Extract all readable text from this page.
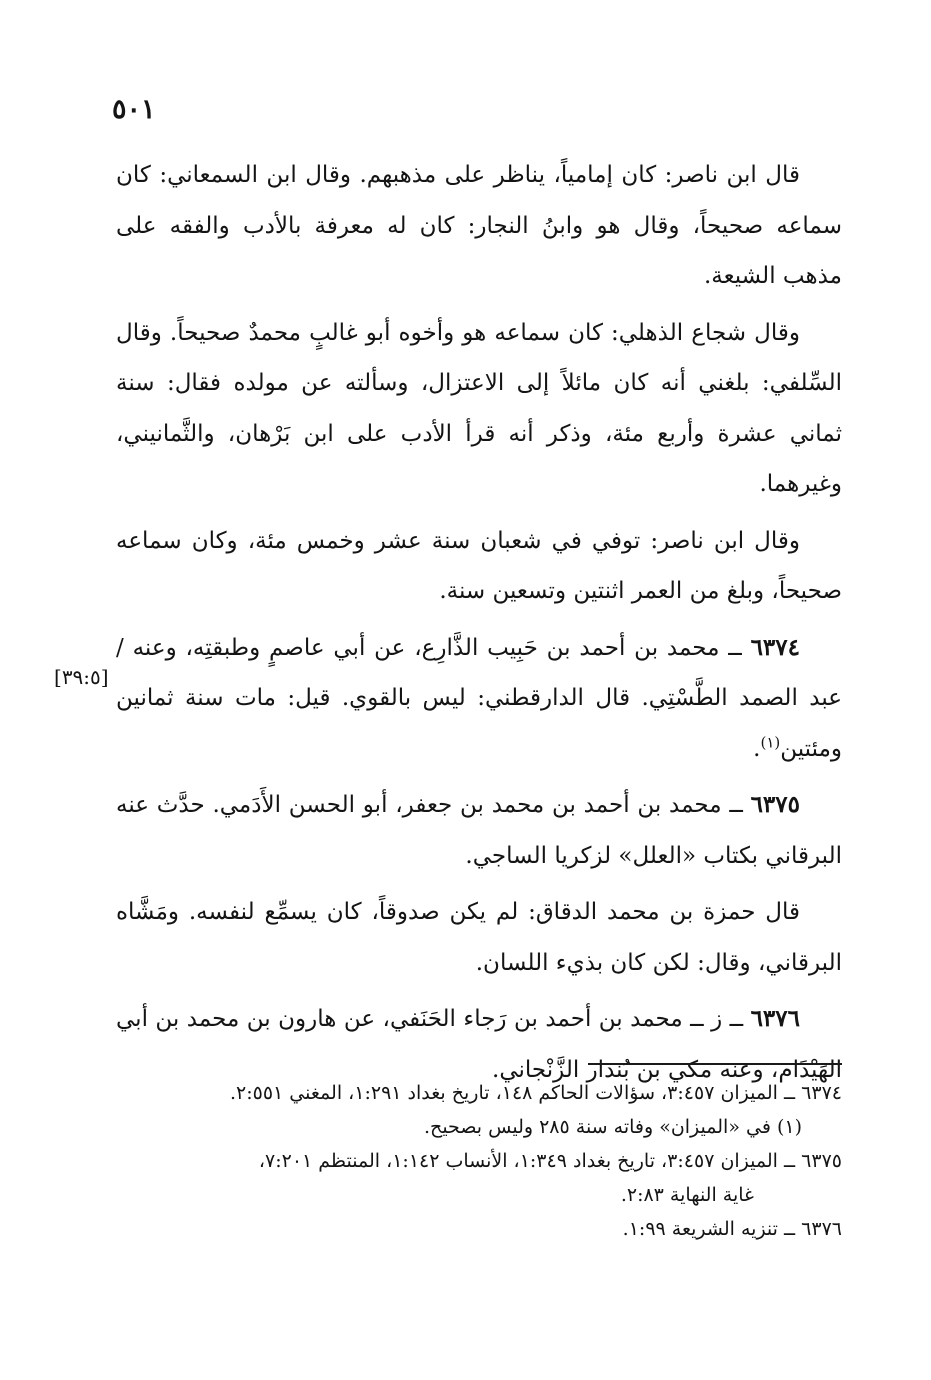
٥٠١

قال ابن ناصر: كان إمامياً، يناظر على مذهبهم. وقال ابن السمعاني: كان سماعه صحيحاً، وقال هو وابنُ النجار: كان له معرفة بالأدب والفقه على مذهب الشيعة.

وقال شجاع الذهلي: كان سماعه هو وأخوه أبو غالبٍ محمدٌ صحيحاً. وقال السِّلفي: بلغني أنه كان مائلاً إلى الاعتزال، وسألته عن مولده فقال: سنة ثماني عشرة وأربع مئة، وذكر أنه قرأ الأدب على ابن بَرْهان، والثَّمانيني، وغيرهما.

وقال ابن ناصر: توفي في شعبان سنة عشر وخمس مئة، وكان سماعه صحيحاً، وبلغ من العمر اثنتين وتسعين سنة.

٦٣٧٤ ــ محمد بن أحمد بن حَبِيب الذَّارِع، عن أبي عاصمٍ وطبقتِه، وعنه / عبد الصمد الطَّسْتِي. قال الدارقطني: ليس بالقوي. قيل: مات سنة ثمانين ومئتين$^{(١)}$.

٦٣٧٥ ــ محمد بن أحمد بن محمد بن جعفر، أبو الحسن الأَدَمي. حدَّث عنه البرقاني بكتاب «العلل» لزكريا الساجي.

قال حمزة بن محمد الدقاق: لم يكن صدوقاً، كان يسمِّع لنفسه. ومَشَّاه البرقاني، وقال: لكن كان بذيء اللسان.

٦٣٧٦ ــ ز ــ محمد بن أحمد بن رَجاء الحَنَفي، عن هارون بن محمد بن أبي الهَيْذَام، وعنه مكي بن بُندار الزَّنْجاني.

[٣٩:٥]

٦٣٧٤ ــ الميزان ٣:٤٥٧، سؤالات الحاكم ١٤٨، تاريخ بغداد ١:٢٩١، المغني ٢:٥٥١.

(١) في «الميزان» وفاته سنة ٢٨٥ وليس بصحيح.

٦٣٧٥ ــ الميزان ٣:٤٥٧، تاريخ بغداد ١:٣٤٩، الأنساب ١:١٤٢، المنتظم ٧:٢٠١،

غاية النهاية ٢:٨٣.

٦٣٧٦ ــ تنزيه الشريعة ١:٩٩.
